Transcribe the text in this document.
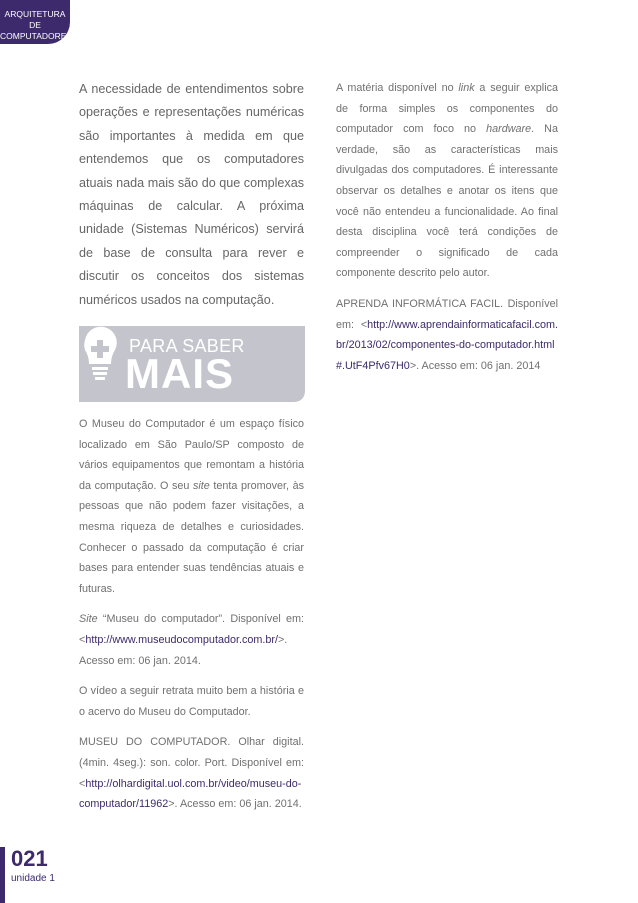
ARQUITETURA DE
COMPUTADORES

A necessidade de entendimentos sobre operações e representações numéricas são importantes à medida em que entendemos que os computadores atuais nada mais são do que complexas máquinas de calcular. A próxima unidade (Sistemas Numéricos) servirá de base de consulta para rever e discutir os conceitos dos sistemas numéricos usados na computação.

PARA SABER
MAIS

O Museu do Computador é um espaço físico localizado em São Paulo/SP composto de vários equipamentos que remontam a história da computação. O seu site tenta promover, às pessoas que não podem fazer visitações, a mesma riqueza de detalhes e curiosidades. Conhecer o passado da computação é criar bases para entender suas tendências atuais e futuras.

Site “Museu do computador”. Disponível em: <http://www.museudocomputador.com.br/>. Acesso em: 06 jan. 2014.

O vídeo a seguir retrata muito bem a história e o acervo do Museu do Computador.

MUSEU DO COMPUTADOR. Olhar digital. (4min. 4seg.): son. color. Port. Disponível em: <http://olhardigital.uol.com.br/video/museu-do-computador/11962>. Acesso em: 06 jan. 2014.

A matéria disponível no link a seguir explica de forma simples os componentes do computador com foco no hardware. Na verdade, são as características mais divulgadas dos computadores. É interessante observar os detalhes e anotar os itens que você não entendeu a funcionalidade. Ao final desta disciplina você terá condições de compreender o significado de cada componente descrito pelo autor.

APRENDA INFORMÁTICA FACIL. Disponível em: <http://www.aprendainformaticafacil.com.br/2013/02/componentes-do-computador.html#.UtF4Pfv67H0>. Acesso em: 06 jan. 2014

021
unidade 1
